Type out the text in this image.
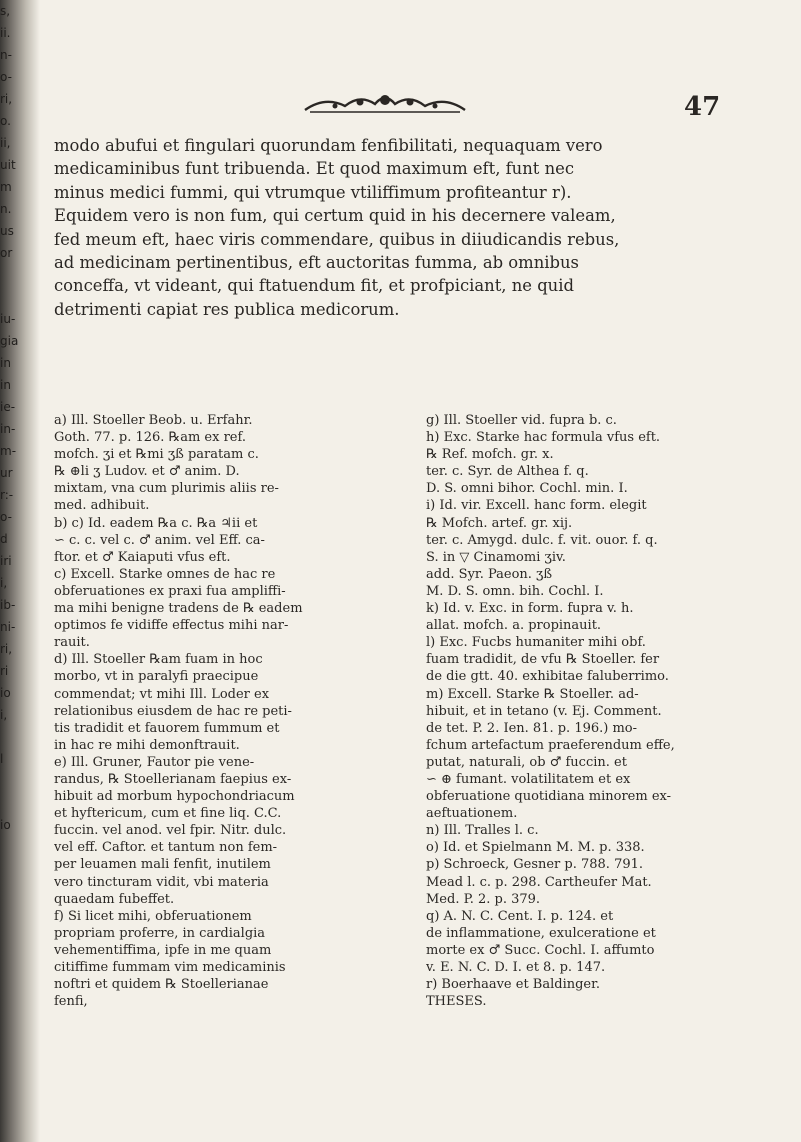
s,
ii.
n-
o-
ri,
o.
ii,
uit
m
n.
us
or
iu-
gia
in
in
ie-
in-
m-
ur
r:-
o-
d
iri
i,
ib-
ni-
ri,
ri
io
i,
l
io
47

modo abufui et fingulari quorundam fenfibilitati, nequaquam vero

medicaminibus funt tribuenda. Et quod maximum eft, funt nec

minus medici fummi, qui vtrumque vtiliffimum profiteantur r).

Equidem vero is non fum, qui certum quid in his decernere valeam,

fed meum eft, haec viris commendare, quibus in diiudicandis rebus,

ad medicinam pertinentibus, eft auctoritas fumma, ab omnibus

conceffa, vt videant, qui ftatuendum fit, et profpiciant, ne quid

detrimenti capiat res publica medicorum.

a) Ill. Stoeller Beob. u. Erfahr.

Goth. 77. p. 126. ℞am ex ref.

mofch. ʒi et ℞mi ʒß paratam c.

℞ ⊕li ʒ Ludov. et ♂ anim. D.

mixtam, vna cum plurimis aliis re-

med. adhibuit.

b) c) Id. eadem ℞a c. ℞a ♃ii et

∽ c. c. vel c. ♂ anim. vel Eff. ca-

ftor. et ♂ Kaiaputi vfus eft.

c) Excell. Starke omnes de hac re

obferuationes ex praxi fua ampliffi-

ma mihi benigne tradens de ℞ eadem

optimos fe vidiffe effectus mihi nar-

rauit.

d) Ill. Stoeller ℞am fuam in hoc

morbo, vt in paralyfi praecipue

commendat; vt mihi Ill. Loder ex

relationibus eiusdem de hac re peti-

tis tradidit et fauorem fummum et

in hac re mihi demonftrauit.

e) Ill. Gruner, Fautor pie vene-

randus, ℞ Stoellerianam faepius ex-

hibuit ad morbum hypochondriacum

et hyftericum, cum et fine liq. C.C.

fuccin. vel anod. vel fpir. Nitr. dulc.

vel eff. Caftor. et tantum non fem-

per leuamen mali fenfit, inutilem

vero tincturam vidit, vbi materia

quaedam fubeffet.

f) Si licet mihi, obferuationem

propriam proferre, in cardialgia

vehementiffima, ipfe in me quam

citiffime fummam vim medicaminis

noftri et quidem ℞ Stoellerianae

fenfi,

g) Ill. Stoeller vid. fupra b. c.

h) Exc. Starke hac formula vfus eft.

℞ Ref. mofch. gr. x.

ter. c. Syr. de Althea f. q.

D. S. omni bihor. Cochl. min. I.

i) Id. vir. Excell. hanc form. elegit

℞ Mofch. artef. gr. xij.

ter. c. Amygd. dulc. f. vit. ouor. f. q.

S. in ▽ Cinamomi ʒiv.

add. Syr. Paeon. ʒß

M. D. S. omn. bih. Cochl. I.

k) Id. v. Exc. in form. fupra v. h.

allat. mofch. a. propinauit.

l) Exc. Fucbs humaniter mihi obf.

fuam tradidit, de vfu ℞ Stoeller. fer

de die gtt. 40. exhibitae faluberrimo.

m) Excell. Starke ℞ Stoeller. ad-

hibuit, et in tetano (v. Ej. Comment.

de tet. P. 2. Ien. 81. p. 196.) mo-

fchum artefactum praeferendum effe,

putat, naturali, ob ♂ fuccin. et

∽ ⊕ fumant. volatilitatem et ex

obferuatione quotidiana minorem ex-

aeftuationem.

n) Ill. Tralles l. c.

o) Id. et Spielmann M. M. p. 338.

p) Schroeck, Gesner p. 788. 791.

Mead l. c. p. 298. Cartheufer Mat.

Med. P. 2. p. 379.

q) A. N. C. Cent. I. p. 124. et

de inflammatione, exulceratione et

morte ex ♂ Succ. Cochl. I. affumto

v. E. N. C. D. I. et 8. p. 147.

r) Boerhaave et Baldinger.

THESES.
